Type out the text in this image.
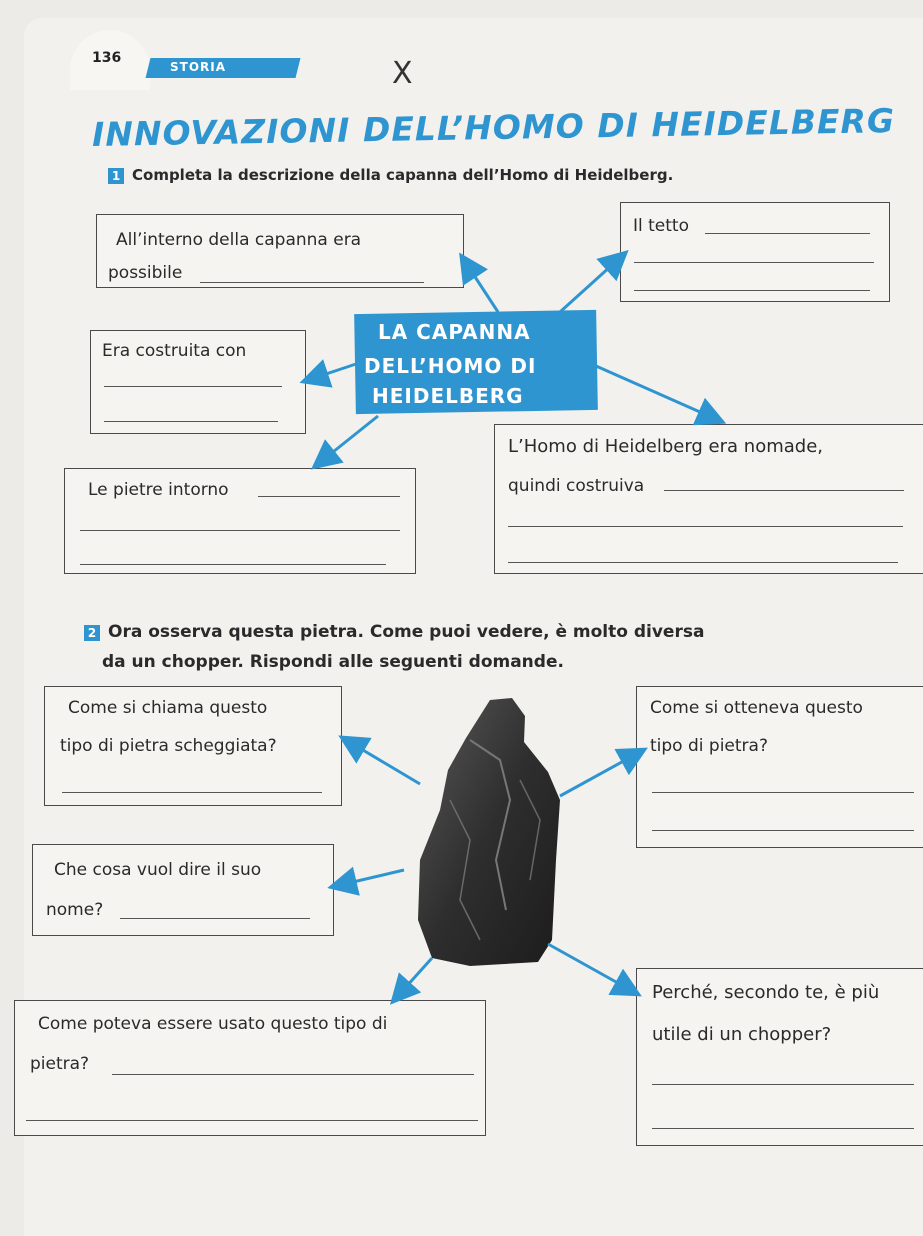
136
STORIA	X
INNOVAZIONI DELL’HOMO DI HEIDELBERG
1 Completa la descrizione della capanna dell’Homo di Heidelberg.
All’interno della capanna era
possibile
Il tetto
Era costruita con
LA CAPANNA
DELL’HOMO DI
HEIDELBERG
L’Homo di Heidelberg era nomade,
quindi costruiva
Le pietre intorno
2 Ora osserva questa pietra. Come puoi vedere, è molto diversa
da un chopper. Rispondi alle seguenti domande.
Come si chiama questo
tipo di pietra scheggiata?
Come si otteneva questo
tipo di pietra?
Che cosa vuol dire il suo
nome?
Come poteva essere usato questo tipo di
pietra?
Perché, secondo te, è più
utile di un chopper?
